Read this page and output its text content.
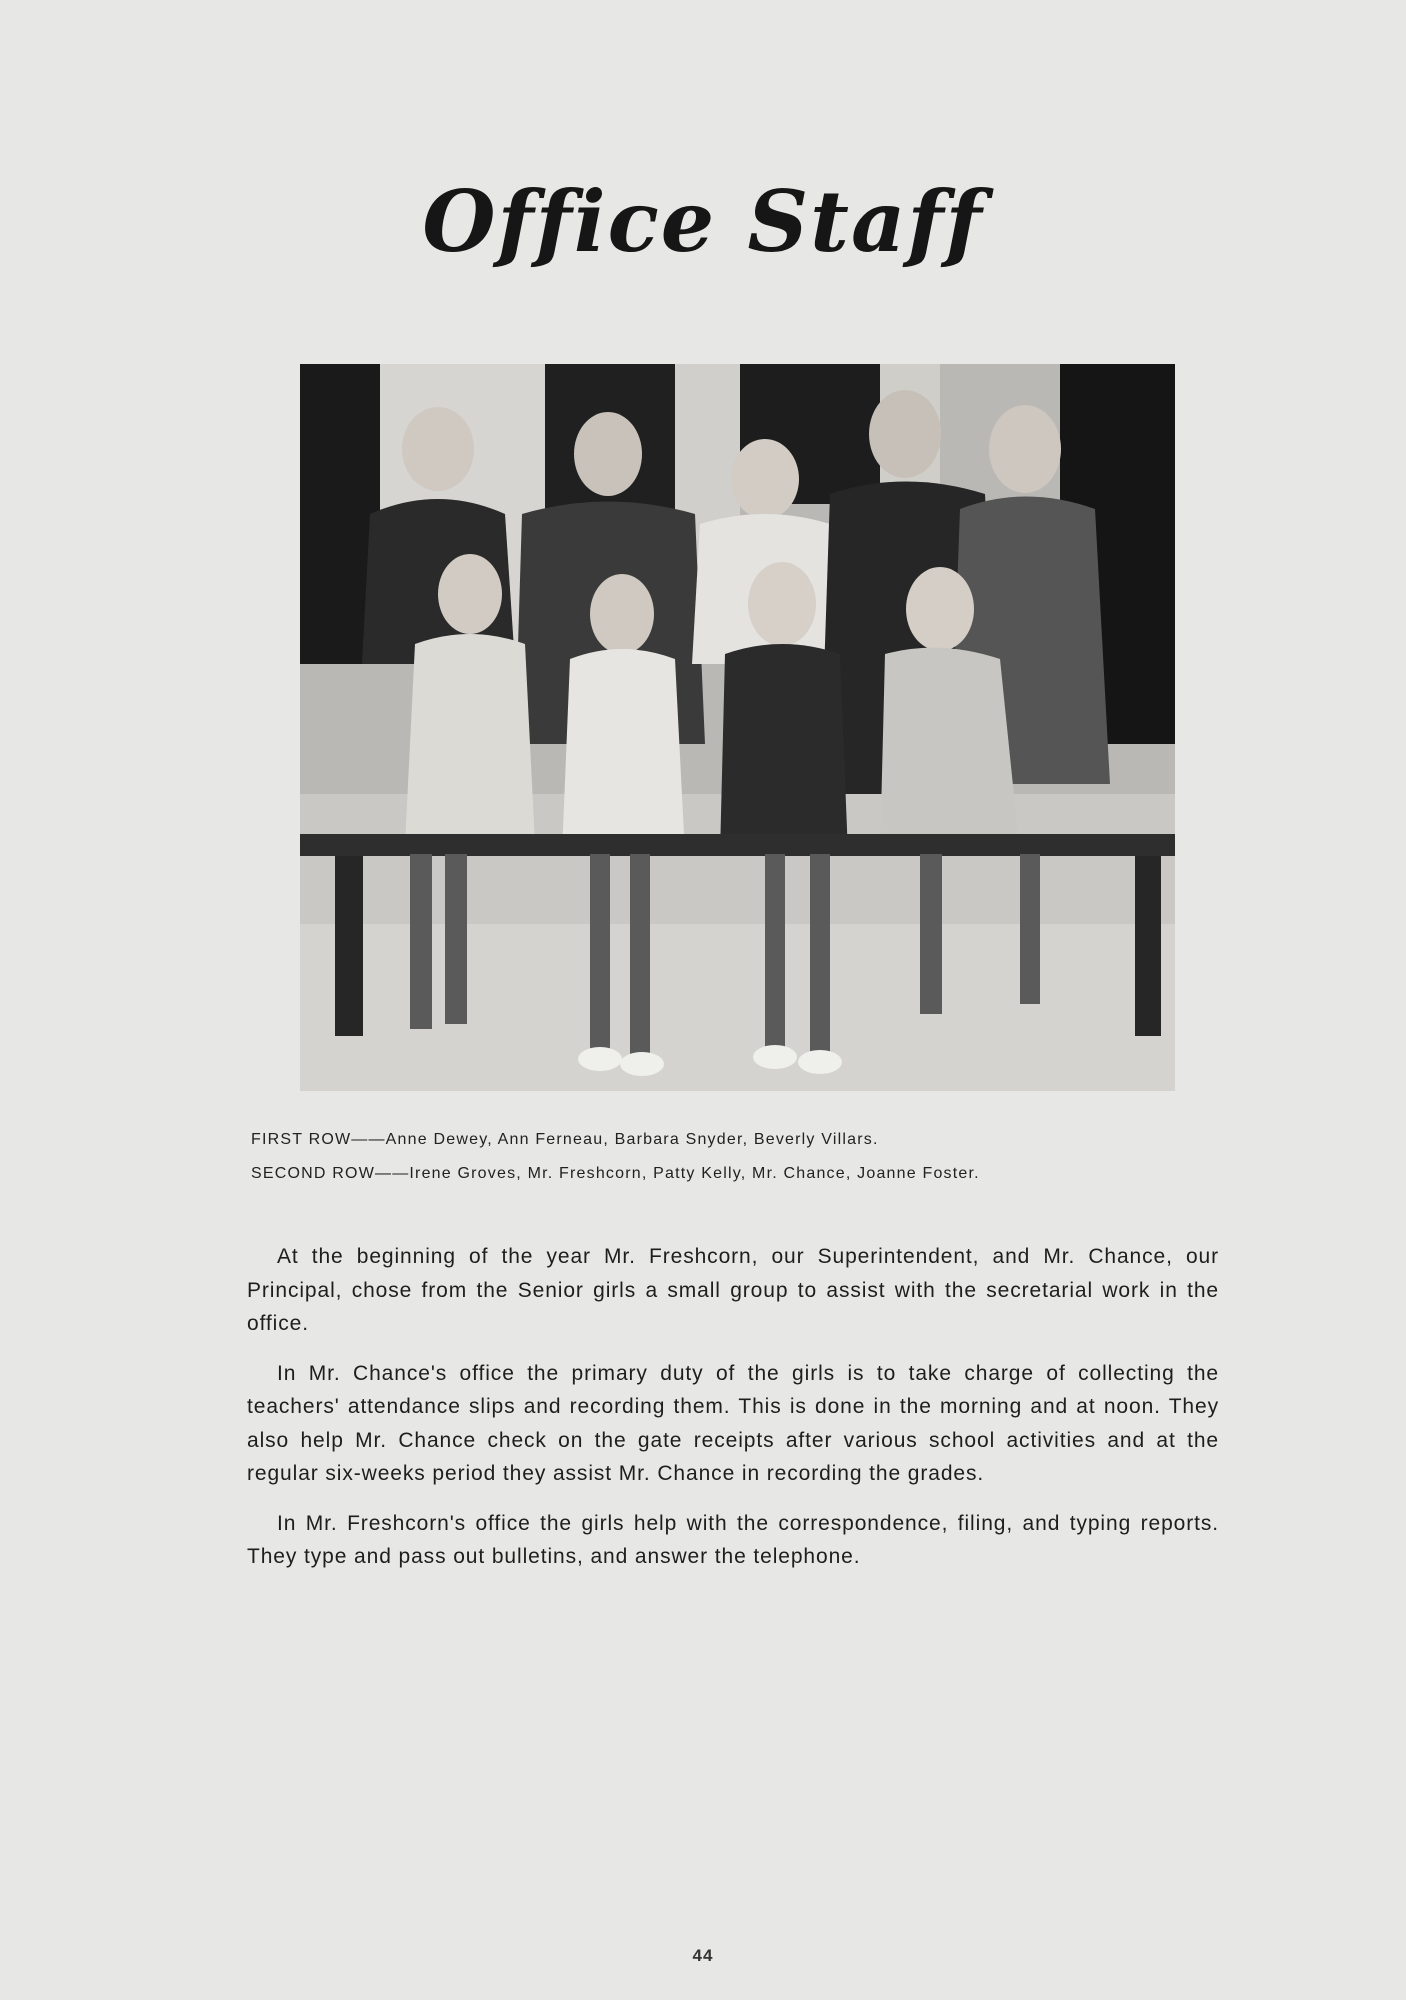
Office Staff
FIRST ROW——Anne Dewey, Ann Ferneau, Barbara Snyder, Beverly Villars.
SECOND ROW——Irene Groves, Mr. Freshcorn, Patty Kelly, Mr. Chance, Joanne Foster.

At the beginning of the year Mr. Freshcorn, our Superintendent, and Mr. Chance, our Principal, chose from the Senior girls a small group to assist with the secretarial work in the office.

In Mr. Chance's office the primary duty of the girls is to take charge of collecting the teachers' attendance slips and recording them. This is done in the morning and at noon. They also help Mr. Chance check on the gate receipts after various school activities and at the regular six-weeks period they assist Mr. Chance in recording the grades.

In Mr. Freshcorn's office the girls help with the correspondence, filing, and typing reports. They type and pass out bulletins, and answer the telephone.

44
